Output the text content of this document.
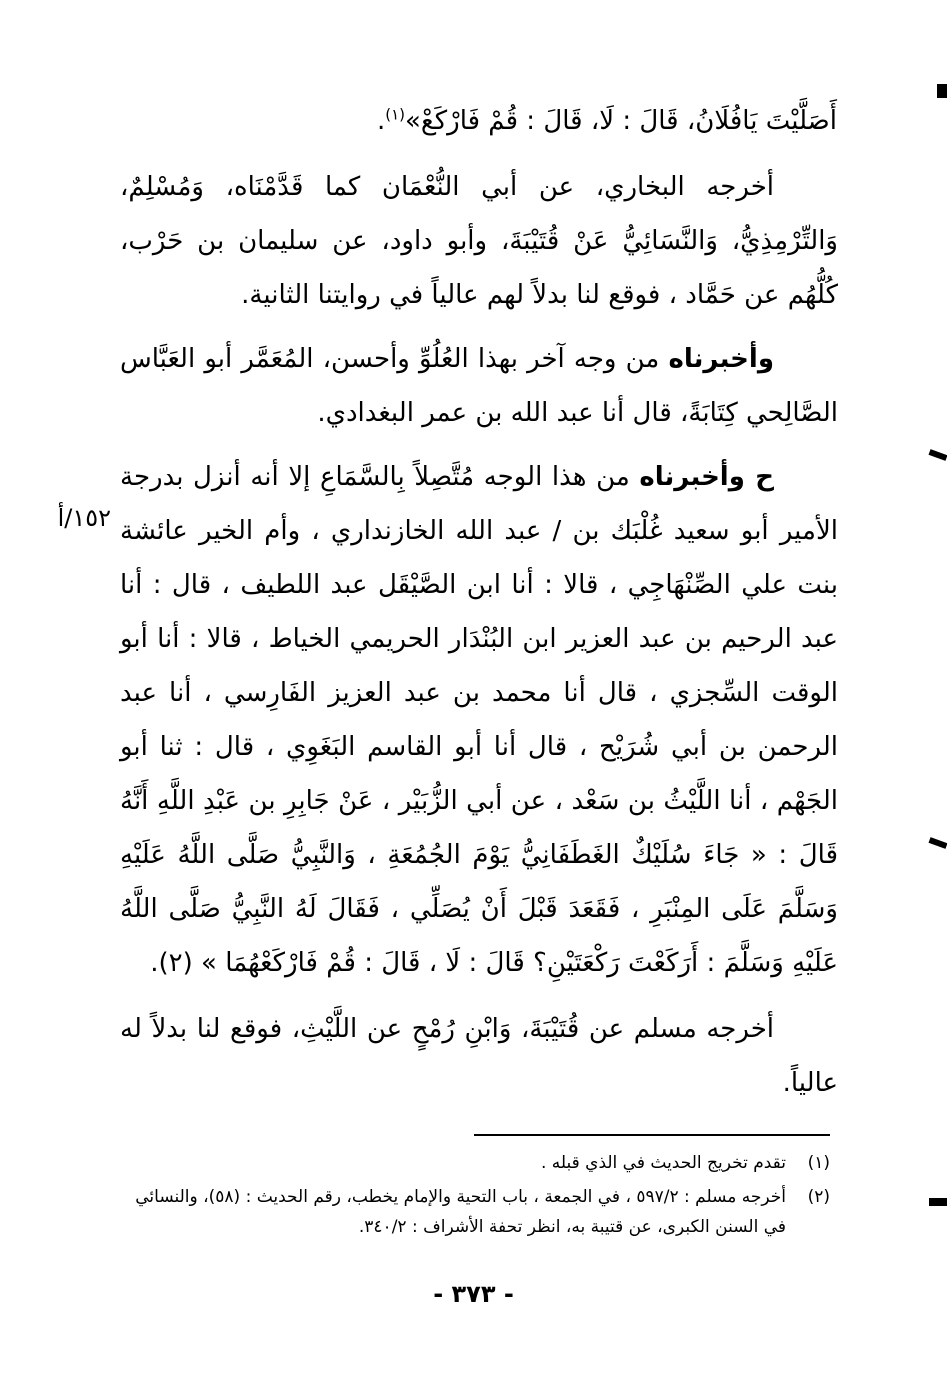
أَصَلَّيْتَ يَافُلَانُ، قَالَ : لَا، قَالَ : قُمْ فَارْكَعْ»$^{(١)}$.

أخرجه البخاري، عن أبي النُّعْمَان كما قَدَّمْنَاه، وَمُسْلِمٌ، وَالتِّرْمِذِيُّ، وَالنَّسَائِيُّ عَنْ قُتَيْبَةَ، وأبو داود، عن سليمان بن حَرْب، كُلُّهُم عن حَمَّاد ، فوقع لنا بدلاً لهم عالياً في روايتنا الثانية.

وأخبرناه من وجه آخر بهذا العُلُوِّ وأحسن، المُعَمَّر أبو العَبَّاس الصَّالِحي كِتَابَةً، قال أنا عبد الله بن عمر البغدادي.

ح وأخبرناه من هذا الوجه مُتَّصِلاً بِالسَّمَاعِ إلا أنه أنزل بدرجة الأمير أبو سعيد غُلْبَك بن / عبد الله الخازنداري ، وأم الخير عائشة بنت علي الصِّنْهَاجِي ، قالا : أنا ابن الصَّيْقَل عبد اللطيف ، قال : أنا عبد الرحيم بن عبد العزير ابن البُنْدَار الحريمي الخياط ، قالا : أنا أبو الوقت السِّجزي ، قال أنا محمد بن عبد العزيز الفَارِسي ، أنا عبد الرحمن بن أبي شُرَيْح ، قال أنا أبو القاسم البَغَوِي ، قال : ثنا أبو الجَهْم ، أنا اللَّيْثُ بن سَعْد ، عن أبي الزُّبَيْر ، عَنْ جَابِرِ بن عَبْدِ اللَّهِ أَنَّهُ قَالَ : « جَاءَ سُلَيْكٌ الغَطَفَانِيُّ يَوْمَ الجُمُعَةِ ، وَالنَّبِيُّ صَلَّى اللَّهُ عَلَيْهِ وَسَلَّمَ عَلَى المِنْبَرِ ، فَقَعَدَ قَبْلَ أَنْ يُصَلِّي ، فَقَالَ لَهُ النَّبِيُّ صَلَّى اللَّهُ عَلَيْهِ وَسَلَّمَ : أَرَكَعْتَ رَكْعَتَيْنِ؟ قَالَ : لَا ، قَالَ : قُمْ فَارْكَعْهُمَا » (٢).

أخرجه مسلم عن قُتَيْبَةَ، وَابْنِ رُمْحٍ عن اللَّيْثِ، فوقع لنا بدلاً له عالياً.

١٥٢/أ
(١)
تقدم تخريج الحديث في الذي قبله .
(٢)
أخرجه مسلم : ٥٩٧/٢ ، في الجمعة ، باب التحية والإمام يخطب، رقم الحديث : (٥٨)، والنسائي في السنن الكبرى، عن قتيبة به، انظر تحفة الأشراف : ٣٤٠/٢.
- ٣٧٣ -
